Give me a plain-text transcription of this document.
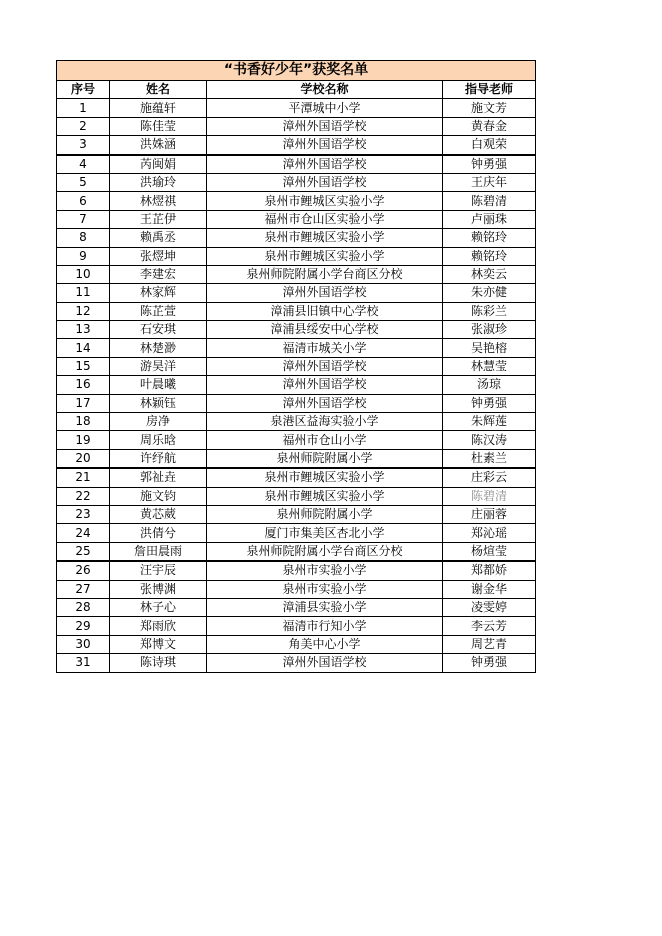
“书香好少年”获奖名单			
序号	姓名	学校名称	指导老师
1	施蕴轩	平潭城中小学	施文芳
2	陈佳莹	漳州外国语学校	黄春金
3	洪姝涵	漳州外国语学校	白观荣
4	芮闽娟	漳州外国语学校	钟勇强
5	洪瑜玲	漳州外国语学校	王庆年
6	林熤祺	泉州市鲤城区实验小学	陈碧清
7	王芷伊	福州市仓山区实验小学	卢丽珠
8	赖禹丞	泉州市鲤城区实验小学	赖铭玲
9	张熤坤	泉州市鲤城区实验小学	赖铭玲
10	李建宏	泉州师院附属小学台商区分校	林奕云
11	林家辉	漳州外国语学校	朱亦健
12	陈芷萱	漳浦县旧镇中心学校	陈彩兰
13	石安琪	漳浦县绥安中心学校	张淑珍
14	林楚渺	福清市城关小学	吴艳榕
15	游昊洋	漳州外国语学校	林慧莹
16	叶晨曦	漳州外国语学校	汤琼
17	林颖钰	漳州外国语学校	钟勇强
18	房净	泉港区益海实验小学	朱辉莲
19	周乐晗	福州市仓山小学	陈汉涛
20	许纾航	泉州师院附属小学	杜素兰
21	郭祉垚	泉州市鲤城区实验小学	庄彩云
22	施文钧	泉州市鲤城区实验小学	陈碧清
23	黄芯葳	泉州师院附属小学	庄丽蓉
24	洪倩兮	厦门市集美区杏北小学	郑沁瑶
25	詹田晨雨	泉州师院附属小学台商区分校	杨煊莹
26	汪宇辰	泉州市实验小学	郑都娇
27	张博渊	泉州市实验小学	谢金华
28	林子心	漳浦县实验小学	凌雯婷
29	郑雨欣	福清市行知小学	李云芳
30	郑博文	角美中心小学	周艺青
31	陈诗琪	漳州外国语学校	钟勇强
